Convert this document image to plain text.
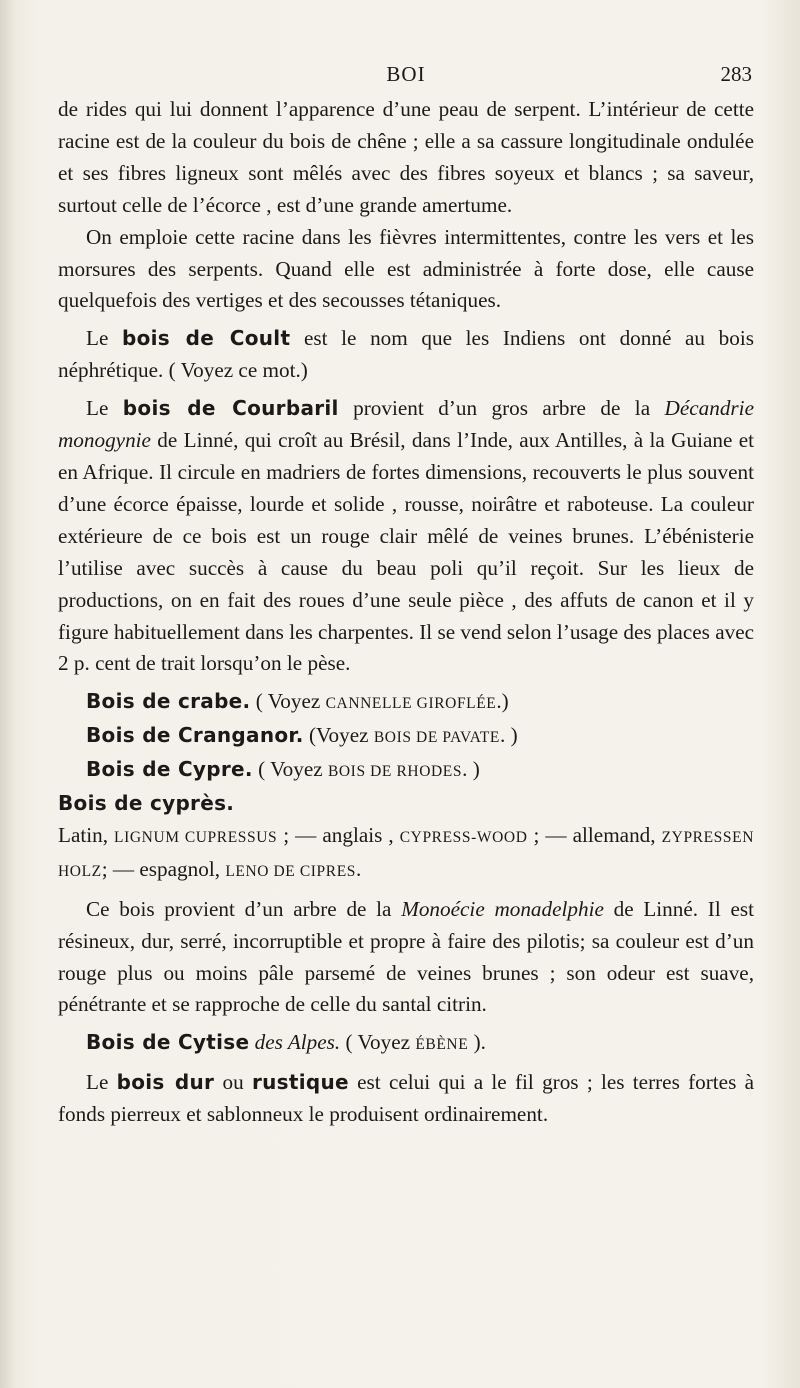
BOI	283

de rides qui lui donnent l’apparence d’une peau de serpent. L’intérieur de cette racine est de la couleur du bois de chêne ; elle a sa cassure longitudinale ondulée et ses fibres ligneux sont mêlés avec des fibres soyeux et blancs ; sa saveur, surtout celle de l’écorce , est d’une grande amertume.

On emploie cette racine dans les fièvres intermittentes, contre les vers et les morsures des serpents. Quand elle est administrée à forte dose, elle cause quelquefois des vertiges et des secousses tétaniques.

Le bois de Coult est le nom que les Indiens ont donné au bois néphrétique. ( Voyez ce mot.)

Le bois de Courbaril provient d’un gros arbre de la Décandrie monogynie de Linné, qui croît au Brésil, dans l’Inde, aux Antilles, à la Guiane et en Afrique. Il circule en madriers de fortes dimensions, recouverts le plus souvent d’une écorce épaisse, lourde et solide , rousse, noirâtre et raboteuse. La couleur extérieure de ce bois est un rouge clair mêlé de veines brunes. L’ébénisterie l’utilise avec succès à cause du beau poli qu’il reçoit. Sur les lieux de productions, on en fait des roues d’une seule pièce , des affuts de canon et il y figure habituellement dans les charpentes. Il se vend selon l’usage des places avec 2 p. cent de trait lorsqu’on le pèse.

Bois de crabe. ( Voyez CANNELLE GIROFLÉE.)

Bois de Cranganor. (Voyez BOIS DE PAVATE. )

Bois de Cypre. ( Voyez BOIS DE RHODES. )

Bois de cyprès.

Latin, LIGNUM CUPRESSUS ; — anglais , CYPRESS-WOOD ; — allemand, ZYPRESSEN HOLZ; — espagnol, LENO DE CIPRES.

Ce bois provient d’un arbre de la Monoécie monadelphie de Linné. Il est résineux, dur, serré, incorruptible et propre à faire des pilotis; sa couleur est d’un rouge plus ou moins pâle parsemé de veines brunes ; son odeur est suave, pénétrante et se rapproche de celle du santal citrin.

Bois de Cytise des Alpes. ( Voyez ÉBÈNE ).

Le bois dur ou rustique est celui qui a le fil gros ; les terres fortes à fonds pierreux et sablonneux le produisent ordinairement.
